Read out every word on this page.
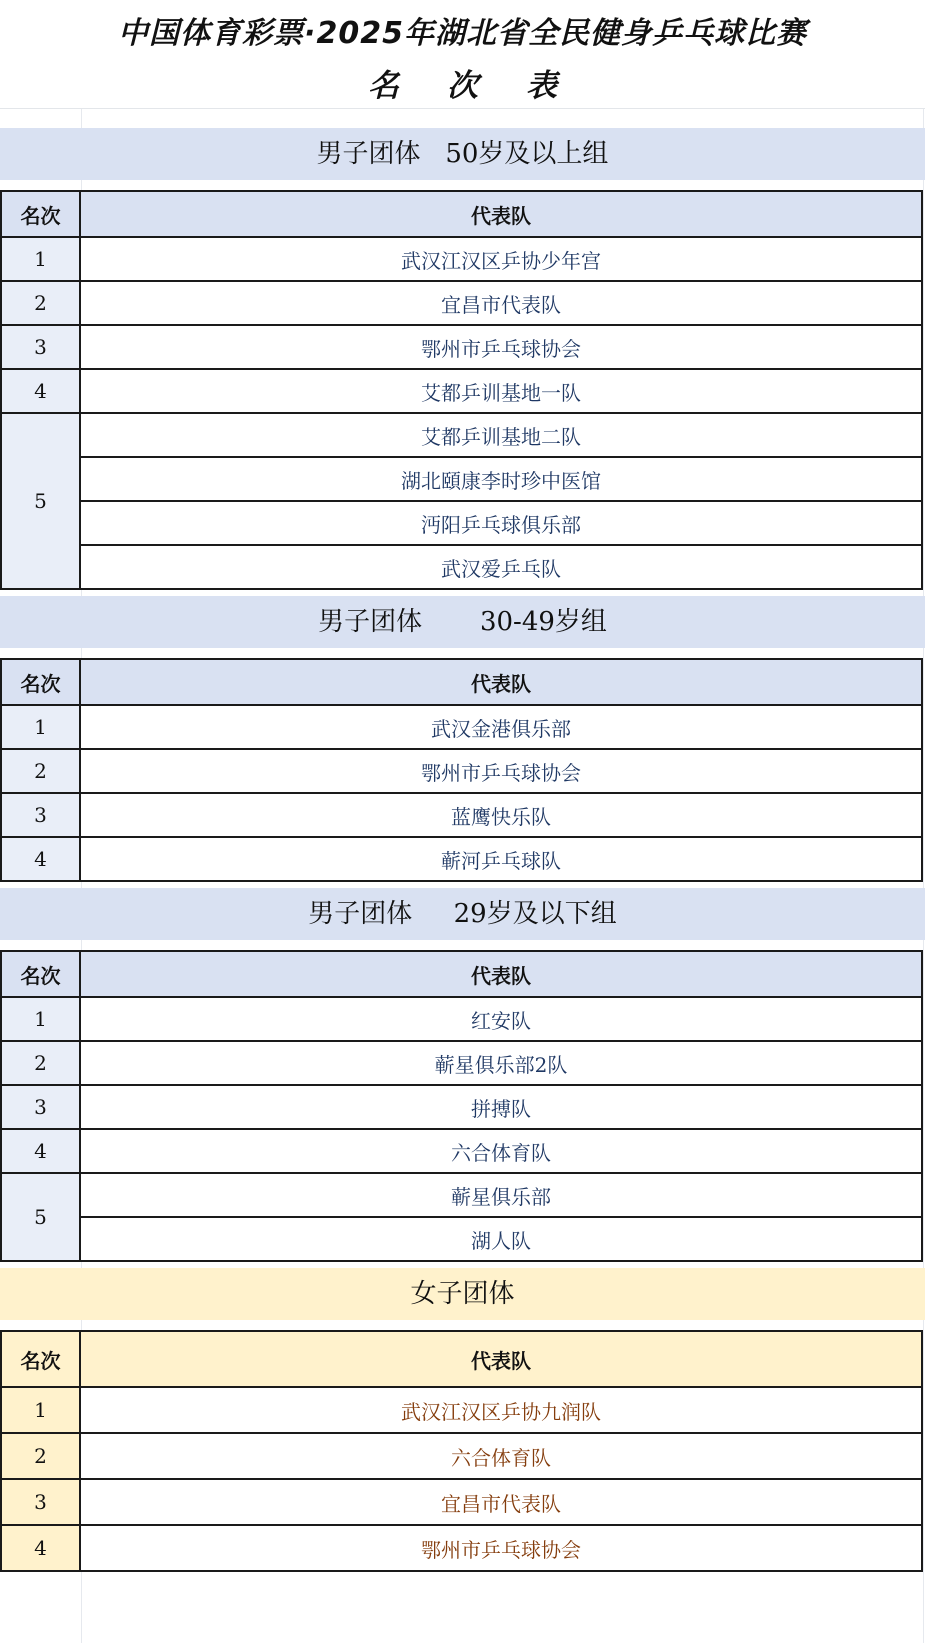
中国体育彩票·2025年湖北省全民健身乒乓球比赛
名次表
男子团体   50岁及以上组
名次	代表队
1	武汉江汉区乒协少年宫
2	宜昌市代表队
3	鄂州市乒乓球协会
4	艾都乒训基地一队
5	艾都乒训基地二队
	湖北頤康李时珍中医馆
	沔阳乒乓球俱乐部
	武汉爱乒乓队
男子团体       30-49岁组
名次	代表队
1	武汉金港俱乐部
2	鄂州市乒乓球协会
3	蓝鹰快乐队
4	蕲河乒乓球队
男子团体     29岁及以下组
名次	代表队
1	红安队
2	蕲星俱乐部2队
3	拼搏队
4	六合体育队
5	蕲星俱乐部
	湖人队
女子团体
名次	代表队
1	武汉江汉区乒协九润队
2	六合体育队
3	宜昌市代表队
4	鄂州市乒乓球协会
